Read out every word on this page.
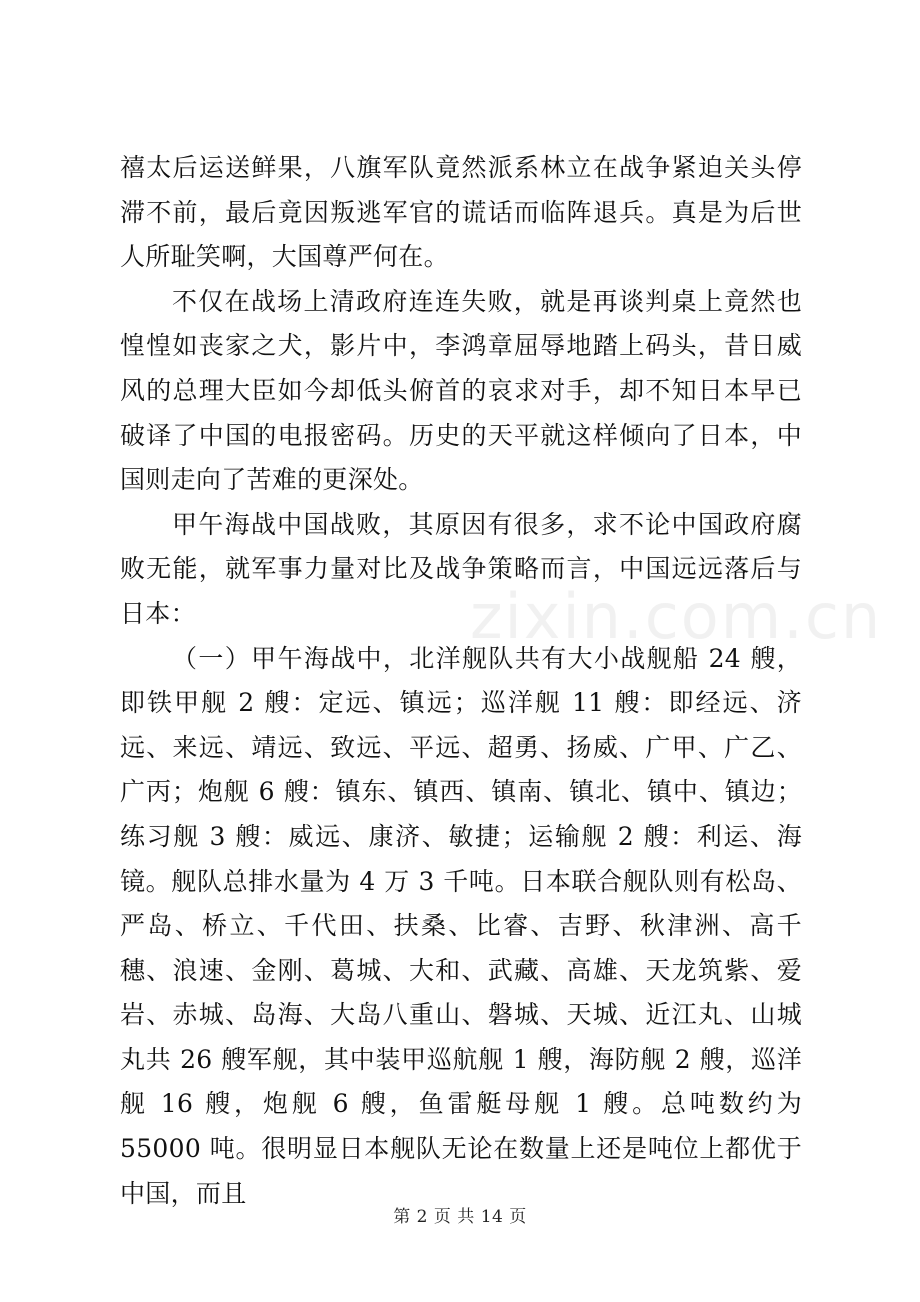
zixin.com.cn

禧太后运送鲜果，八旗军队竟然派系林立在战争紧迫关头停滞不前，最后竟因叛逃军官的谎话而临阵退兵。真是为后世人所耻笑啊，大国尊严何在。

不仅在战场上清政府连连失败，就是再谈判桌上竟然也惶惶如丧家之犬，影片中，李鸿章屈辱地踏上码头，昔日威风的总理大臣如今却低头俯首的哀求对手，却不知日本早已破译了中国的电报密码。历史的天平就这样倾向了日本，中国则走向了苦难的更深处。

甲午海战中国战败，其原因有很多，求不论中国政府腐败无能，就军事力量对比及战争策略而言，中国远远落后与日本：

（一）甲午海战中，北洋舰队共有大小战舰船 24 艘，即铁甲舰 2 艘：定远、镇远；巡洋舰 11 艘：即经远、济远、来远、靖远、致远、平远、超勇、扬威、广甲、广乙、广丙；炮舰 6 艘：镇东、镇西、镇南、镇北、镇中、镇边；练习舰 3 艘：威远、康济、敏捷；运输舰 2 艘：利运、海镜。舰队总排水量为 4 万 3 千吨。日本联合舰队则有松岛、严岛、桥立、千代田、扶桑、比睿、吉野、秋津洲、高千穗、浪速、金刚、葛城、大和、武藏、高雄、天龙筑紫、爱岩、赤城、岛海、大岛八重山、磐城、天城、近江丸、山城丸共 26 艘军舰，其中装甲巡航舰 1 艘，海防舰 2 艘，巡洋舰 16 艘，炮舰 6 艘，鱼雷艇母舰 1 艘。总吨数约为 55000 吨。很明显日本舰队无论在数量上还是吨位上都优于中国，而且

第 2 页 共 14 页
